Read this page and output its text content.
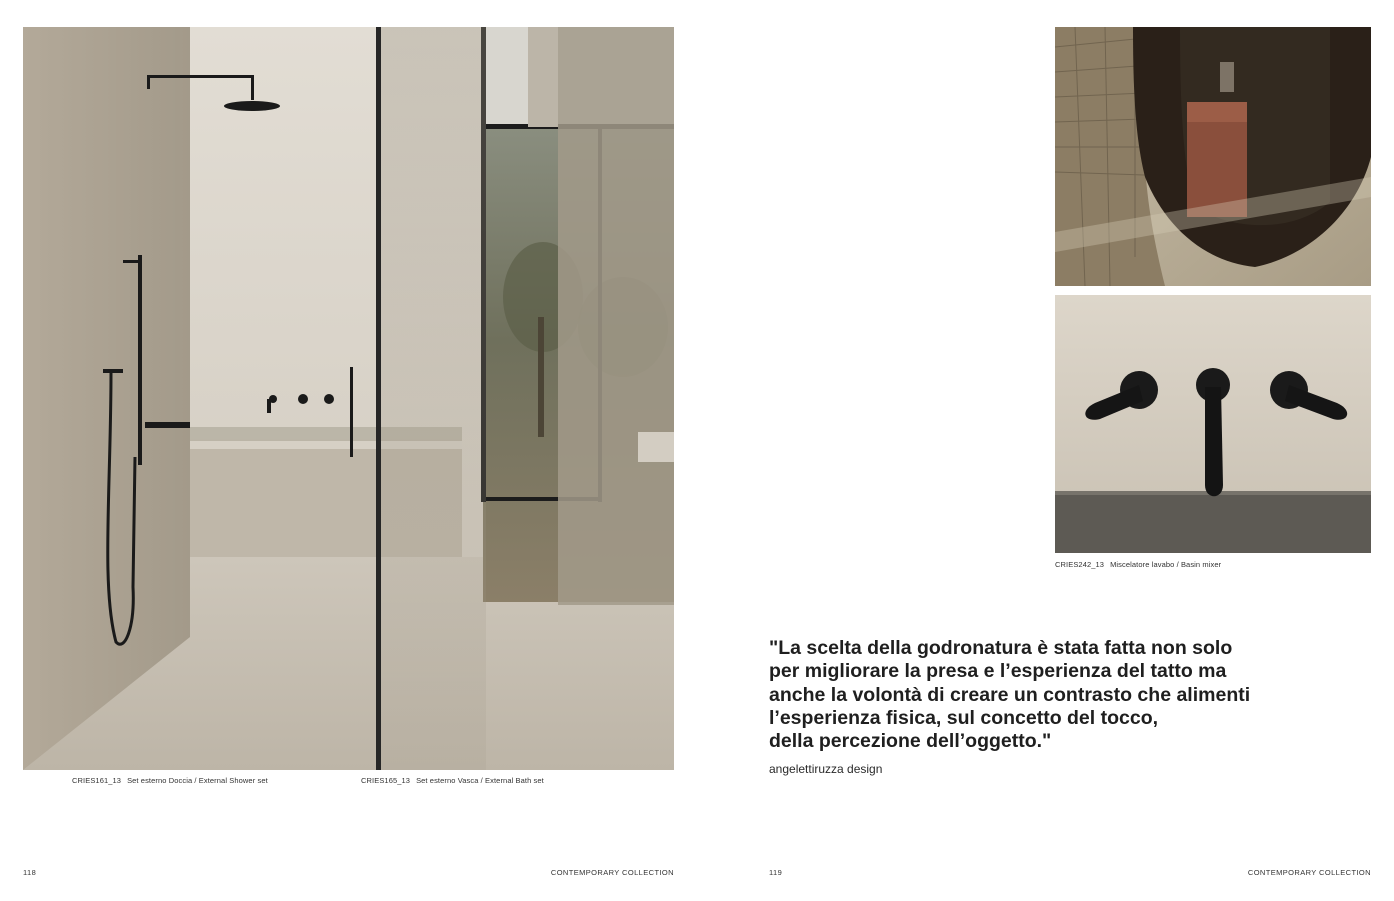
CRIES161_13 Set esterno Doccia / External Shower set	CRIES165_13 Set esterno Vasca / External Bath set
118	CONTEMPORARY COLLECTION
CRIES242_13 Miscelatore lavabo / Basin mixer
"La scelta della godronatura è stata fatta non solo
per migliorare la presa e l’esperienza del tatto ma
anche la volontà di creare un contrasto che alimenti
l’esperienza fisica, sul concetto del tocco,
della percezione dell’oggetto."
angelettiruzza design
119	CONTEMPORARY COLLECTION
